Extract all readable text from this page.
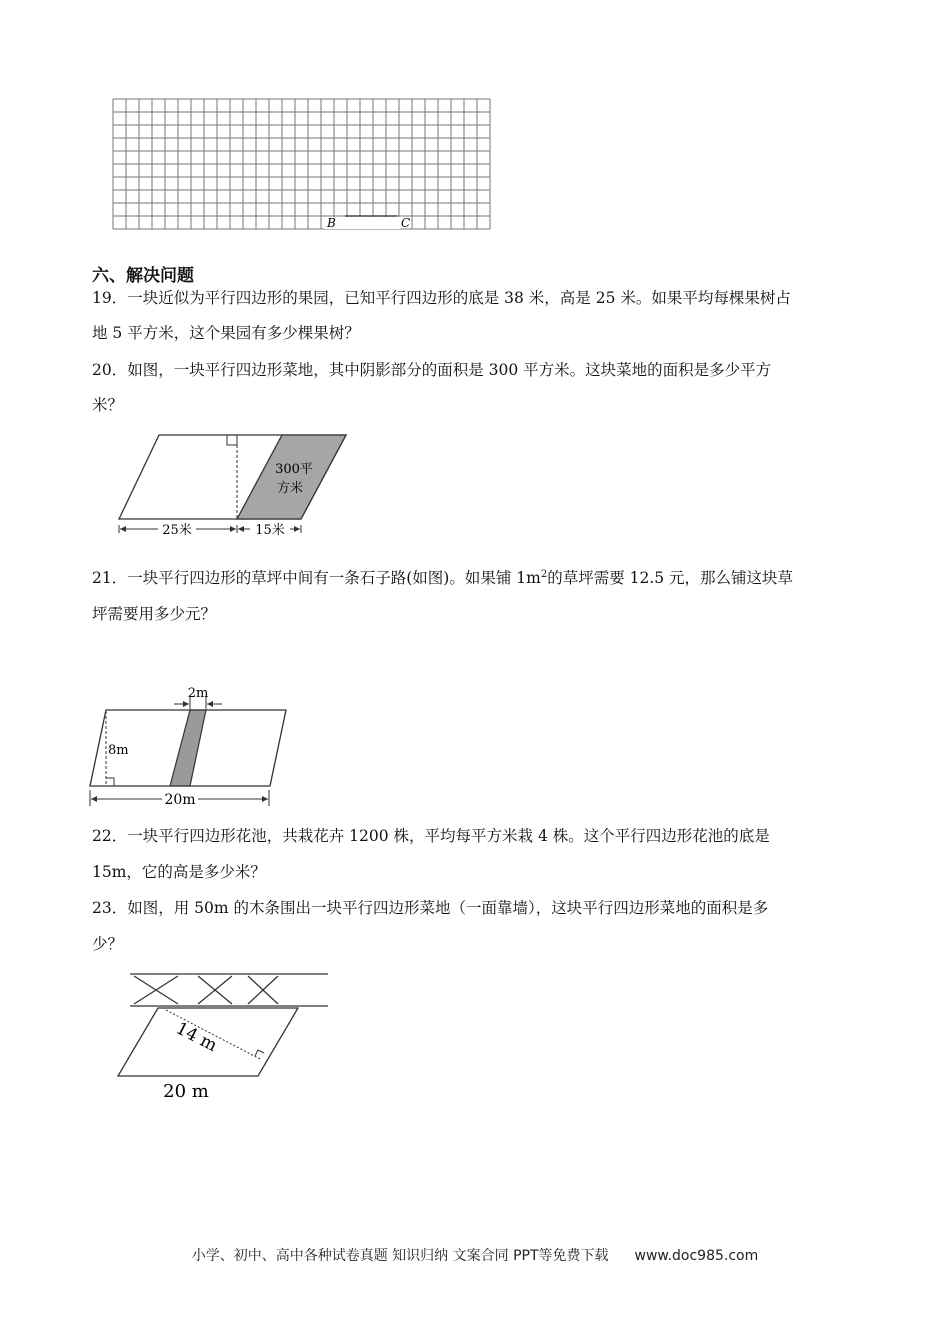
B	C
六、解决问题
19．一块近似为平行四边形的果园，已知平行四边形的底是 38 米，高是 25 米。如果平均每棵果树占
地 5 平方米，这个果园有多少棵果树？
20．如图，一块平行四边形菜地，其中阴影部分的面积是 300 平方米。这块菜地的面积是多少平方
米？
300平
方米
25米	15米
21．一块平行四边形的草坪中间有一条石子路(如图)。如果铺 $1m^2$的草坪需要 12.5 元，那么铺这块草
坪需要用多少元？
8m
2m
20m
22．一块平行四边形花池，共栽花卉 1200 株，平均每平方米栽 4 株。这个平行四边形花池的底是
15m，它的高是多少米？
23．如图，用 50m 的木条围出一块平行四边形菜地（一面靠墙），这块平行四边形菜地的面积是多
少？
14 m
20 m
小学、初中、高中各种试卷真题 知识归纳 文案合同 PPT等免费下载 www.doc985.com
